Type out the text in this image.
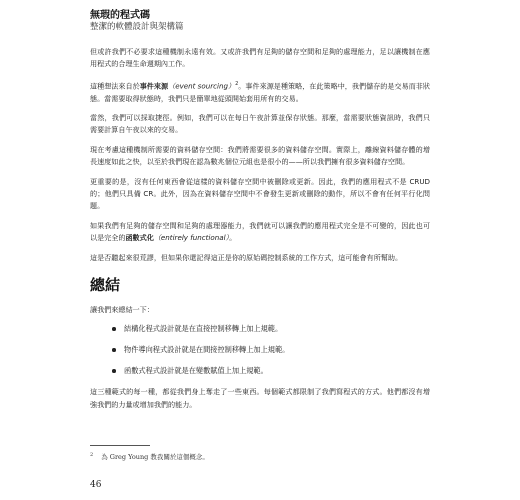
無瑕的程式碼
整潔的軟體設計與架構篇

但或許我們不必要求這種機制永遠有效。又或許我們有足夠的儲存空間和足夠的處理能力，足以讓機制在應用程式的合理生命週期內工作。

這種想法來自於事件來源（event sourcing）$^2$。事件來源是種策略，在此策略中，我們儲存的是交易而非狀態。當需要取得狀態時，我們只是簡單地從頭開始套用所有的交易。

當然，我們可以採取捷徑。例如，我們可以在每日午夜計算並保存狀態。那麼，當需要狀態資訊時，我們只需要計算自午夜以來的交易。

現在考慮這種機制所需要的資料儲存空間：我們將需要很多的資料儲存空間。實際上，離線資料儲存體的增長速度如此之快，以至於我們現在認為數兆個位元組也是很小的——所以我們擁有很多資料儲存空間。

更重要的是，沒有任何東西會從這樣的資料儲存空間中被刪除或更新。因此，我們的應用程式不是 CRUD 的；他們只具備 CR。此外，因為在資料儲存空間中不會發生更新或刪除的動作，所以不會有任何平行化問題。

如果我們有足夠的儲存空間和足夠的處理器能力，我們就可以讓我們的應用程式完全是不可變的，因此也可以是完全的函數式化（entirely functional）。

這是否聽起來很荒謬，但如果你還記得這正是你的原始碼控制系統的工作方式，這可能會有所幫助。

總結

讓我們來總結一下：

結構化程式設計就是在直接控制移轉上加上規範。
物件導向程式設計就是在間接控制移轉上加上規範。
函數式程式設計就是在變數賦值上加上規範。

這三種範式的每一種，都從我們身上奪走了一些東西。每個範式都限制了我們寫程式的方式。他們都沒有增強我們的力量或增加我們的能力。

$^2$ 為 Greg Young 教我關於這個概念。
46
